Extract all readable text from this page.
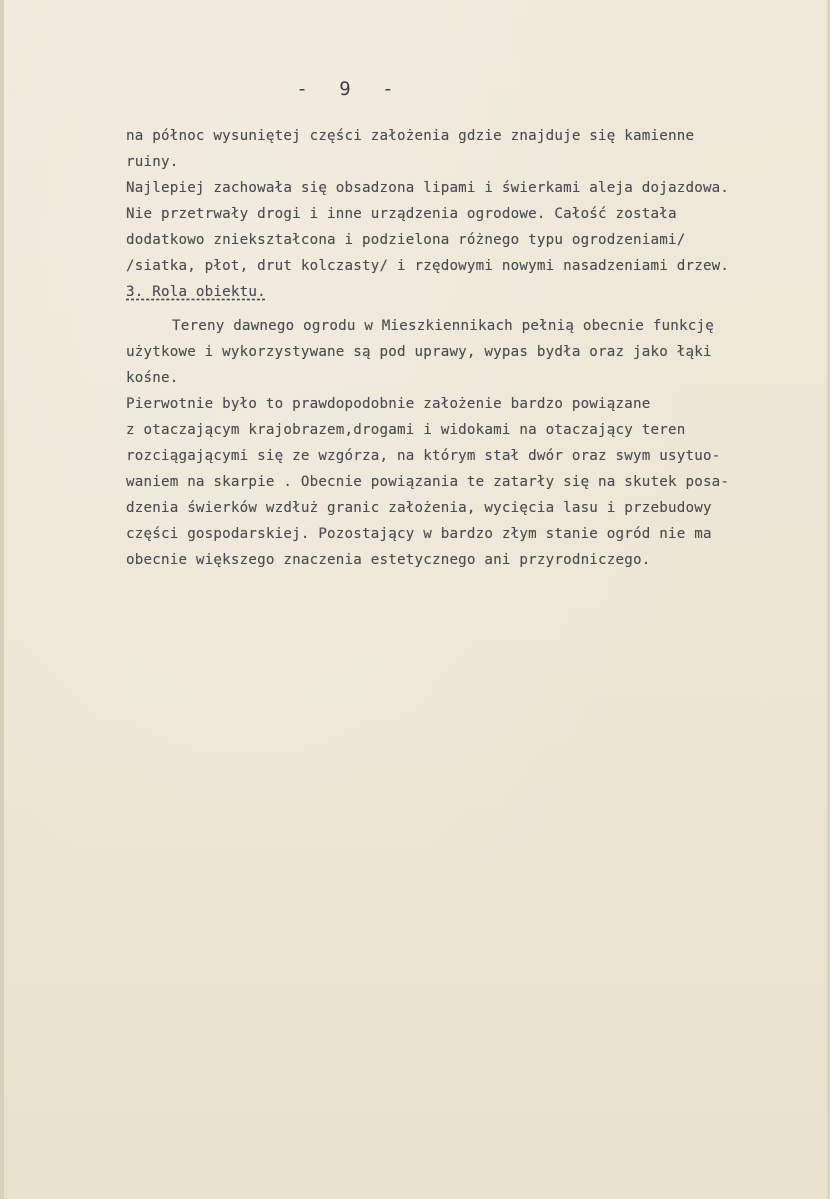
- 9 -
na północ wysuniętej części założenia gdzie znajduje się kamienne
ruiny.
Najlepiej zachowała się obsadzona lipami i świerkami aleja dojazdowa.
Nie przetrwały drogi i inne urządzenia ogrodowe. Całość została
dodatkowo zniekształcona i podzielona różnego typu ogrodzeniami/
/siatka, płot, drut kolczasty/ i rzędowymi nowymi nasadzeniami drzew.
3. Rola obiektu.
Tereny dawnego ogrodu w Mieszkiennikach pełnią obecnie funkcję
użytkowe i wykorzystywane są pod uprawy, wypas bydła oraz jako łąki
kośne.
Pierwotnie było to prawdopodobnie założenie bardzo powiązane
z otaczającym krajobrazem,drogami i widokami na otaczający teren
rozciągającymi się ze wzgórza, na którym stał dwór oraz swym usytuo-
waniem na skarpie . Obecnie powiązania te zatarły się na skutek posa-
dzenia świerków wzdłuż granic założenia, wycięcia lasu i przebudowy
części gospodarskiej. Pozostający w bardzo złym stanie ogród nie ma
obecnie większego znaczenia estetycznego ani przyrodniczego.
